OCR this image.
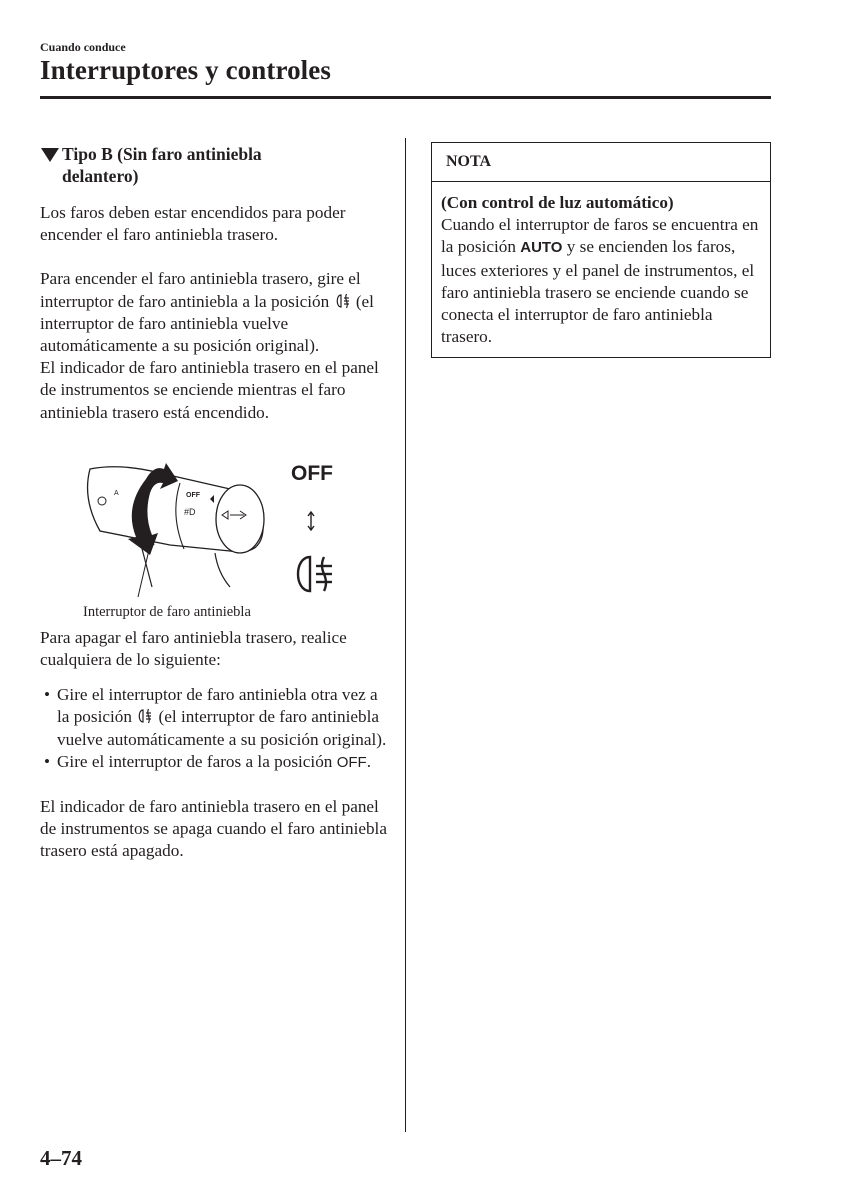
Cuando conduce
Interruptores y controles

Tipo B (Sin faro antiniebla
delantero)

Los faros deben estar encendidos para poder encender el faro antiniebla trasero.

Para encender el faro antiniebla trasero, gire el interruptor de faro antiniebla a la posición (el interruptor de faro antiniebla vuelve automáticamente a su posición original).

El indicador de faro antiniebla trasero en el panel de instrumentos se enciende mientras el faro antiniebla trasero está encendido.

A	OFF
#D
OFF
Interruptor de faro antiniebla

Para apagar el faro antiniebla trasero, realice cualquiera de lo siguiente:

• Gire el interruptor de faro antiniebla otra vez a la posición (el interruptor de faro antiniebla vuelve automáticamente a su posición original).
• Gire el interruptor de faros a la posición OFF.

El indicador de faro antiniebla trasero en el panel de instrumentos se apaga cuando el faro antiniebla trasero está apagado.

NOTA

(Con control de luz automático)

Cuando el interruptor de faros se encuentra en la posición AUTO y se encienden los faros, luces exteriores y el panel de instrumentos, el faro antiniebla trasero se enciende cuando se conecta el interruptor de faro antiniebla trasero.

4–74
